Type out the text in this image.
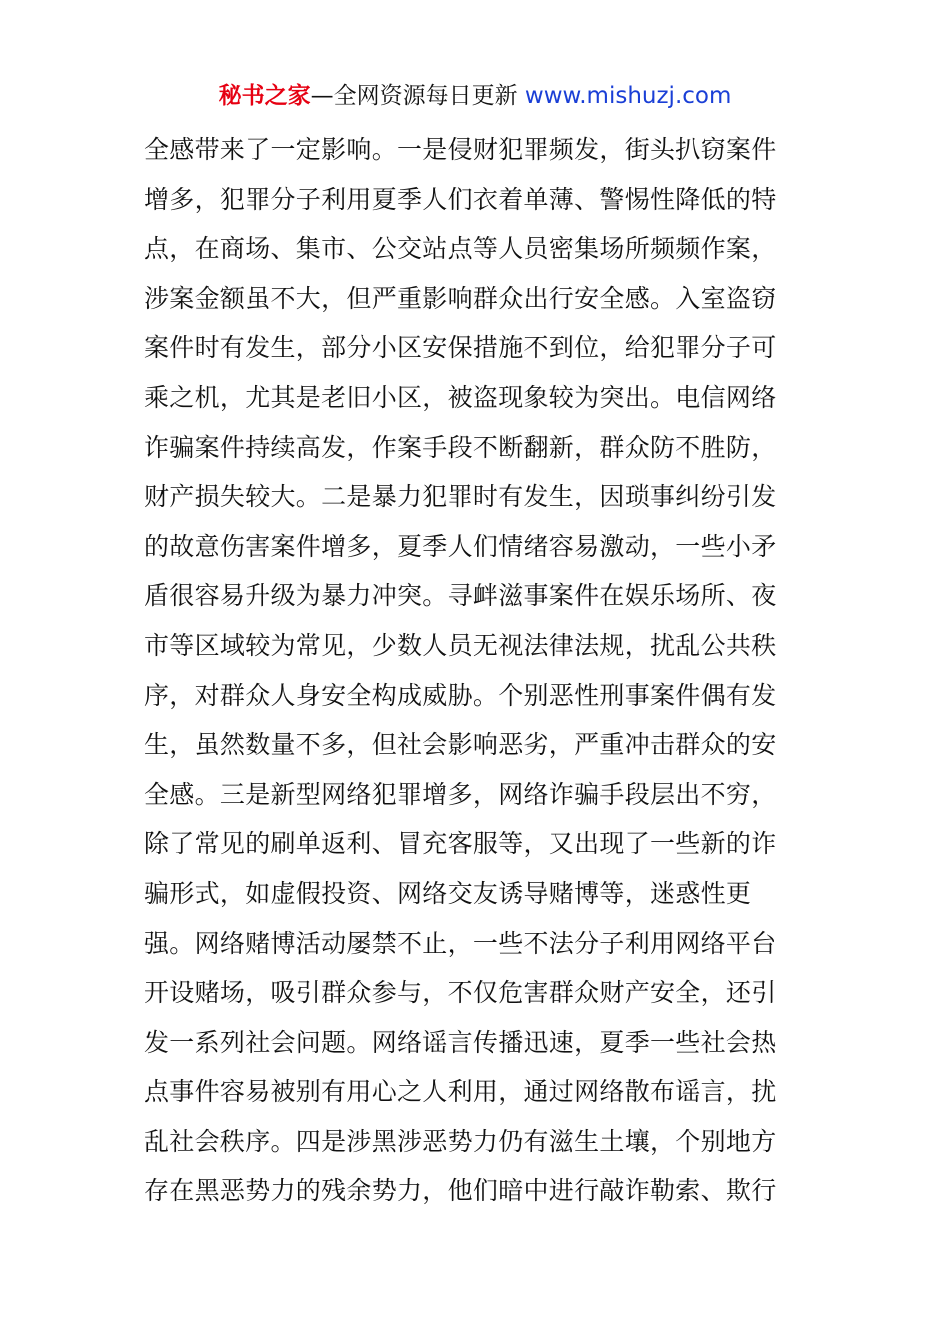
秘书之家—全网资源每日更新 www.mishuzj.com
全感带来了一定影响。一是侵财犯罪频发，街头扒窃案件
增多，犯罪分子利用夏季人们衣着单薄、警惕性降低的特
点，在商场、集市、公交站点等人员密集场所频频作案，
涉案金额虽不大，但严重影响群众出行安全感。入室盗窃
案件时有发生，部分小区安保措施不到位，给犯罪分子可
乘之机，尤其是老旧小区，被盗现象较为突出。电信网络
诈骗案件持续高发，作案手段不断翻新，群众防不胜防，
财产损失较大。二是暴力犯罪时有发生，因琐事纠纷引发
的故意伤害案件增多，夏季人们情绪容易激动，一些小矛
盾很容易升级为暴力冲突。寻衅滋事案件在娱乐场所、夜
市等区域较为常见，少数人员无视法律法规，扰乱公共秩
序，对群众人身安全构成威胁。个别恶性刑事案件偶有发
生，虽然数量不多，但社会影响恶劣，严重冲击群众的安
全感。三是新型网络犯罪增多，网络诈骗手段层出不穷，
除了常见的刷单返利、冒充客服等，又出现了一些新的诈
骗形式，如虚假投资、网络交友诱导赌博等，迷惑性更
强。网络赌博活动屡禁不止，一些不法分子利用网络平台
开设赌场，吸引群众参与，不仅危害群众财产安全，还引
发一系列社会问题。网络谣言传播迅速，夏季一些社会热
点事件容易被别有用心之人利用，通过网络散布谣言，扰
乱社会秩序。四是涉黑涉恶势力仍有滋生土壤，个别地方
存在黑恶势力的残余势力，他们暗中进行敲诈勒索、欺行
